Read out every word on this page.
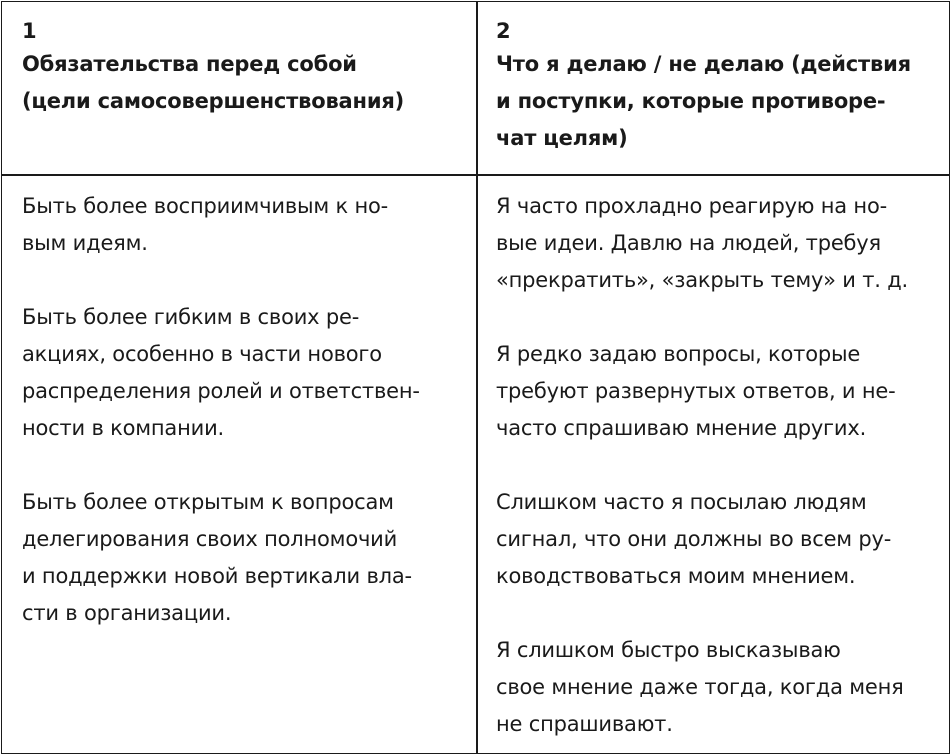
1

Обязательства перед собой
(цели самосовершенствования)

2

Что я делаю / не делаю (действия
и поступки, которые противоре-
чат целям)

Быть более восприимчивым к но-
вым идеям.

Быть более гибким в своих ре-
акциях, особенно в части нового
распределения ролей и ответствен-
ности в компании.

Быть более открытым к вопросам
делегирования своих полномочий
и поддержки новой вертикали вла-
сти в организации.

Я часто прохладно реагирую на но-
вые идеи. Давлю на людей, требуя
«прекратить», «закрыть тему» и т. д.

Я редко задаю вопросы, которые
требуют развернутых ответов, и не-
часто спрашиваю мнение других.

Слишком часто я посылаю людям
сигнал, что они должны во всем ру-
ководствоваться моим мнением.

Я слишком быстро высказываю
свое мнение даже тогда, когда меня
не спрашивают.
